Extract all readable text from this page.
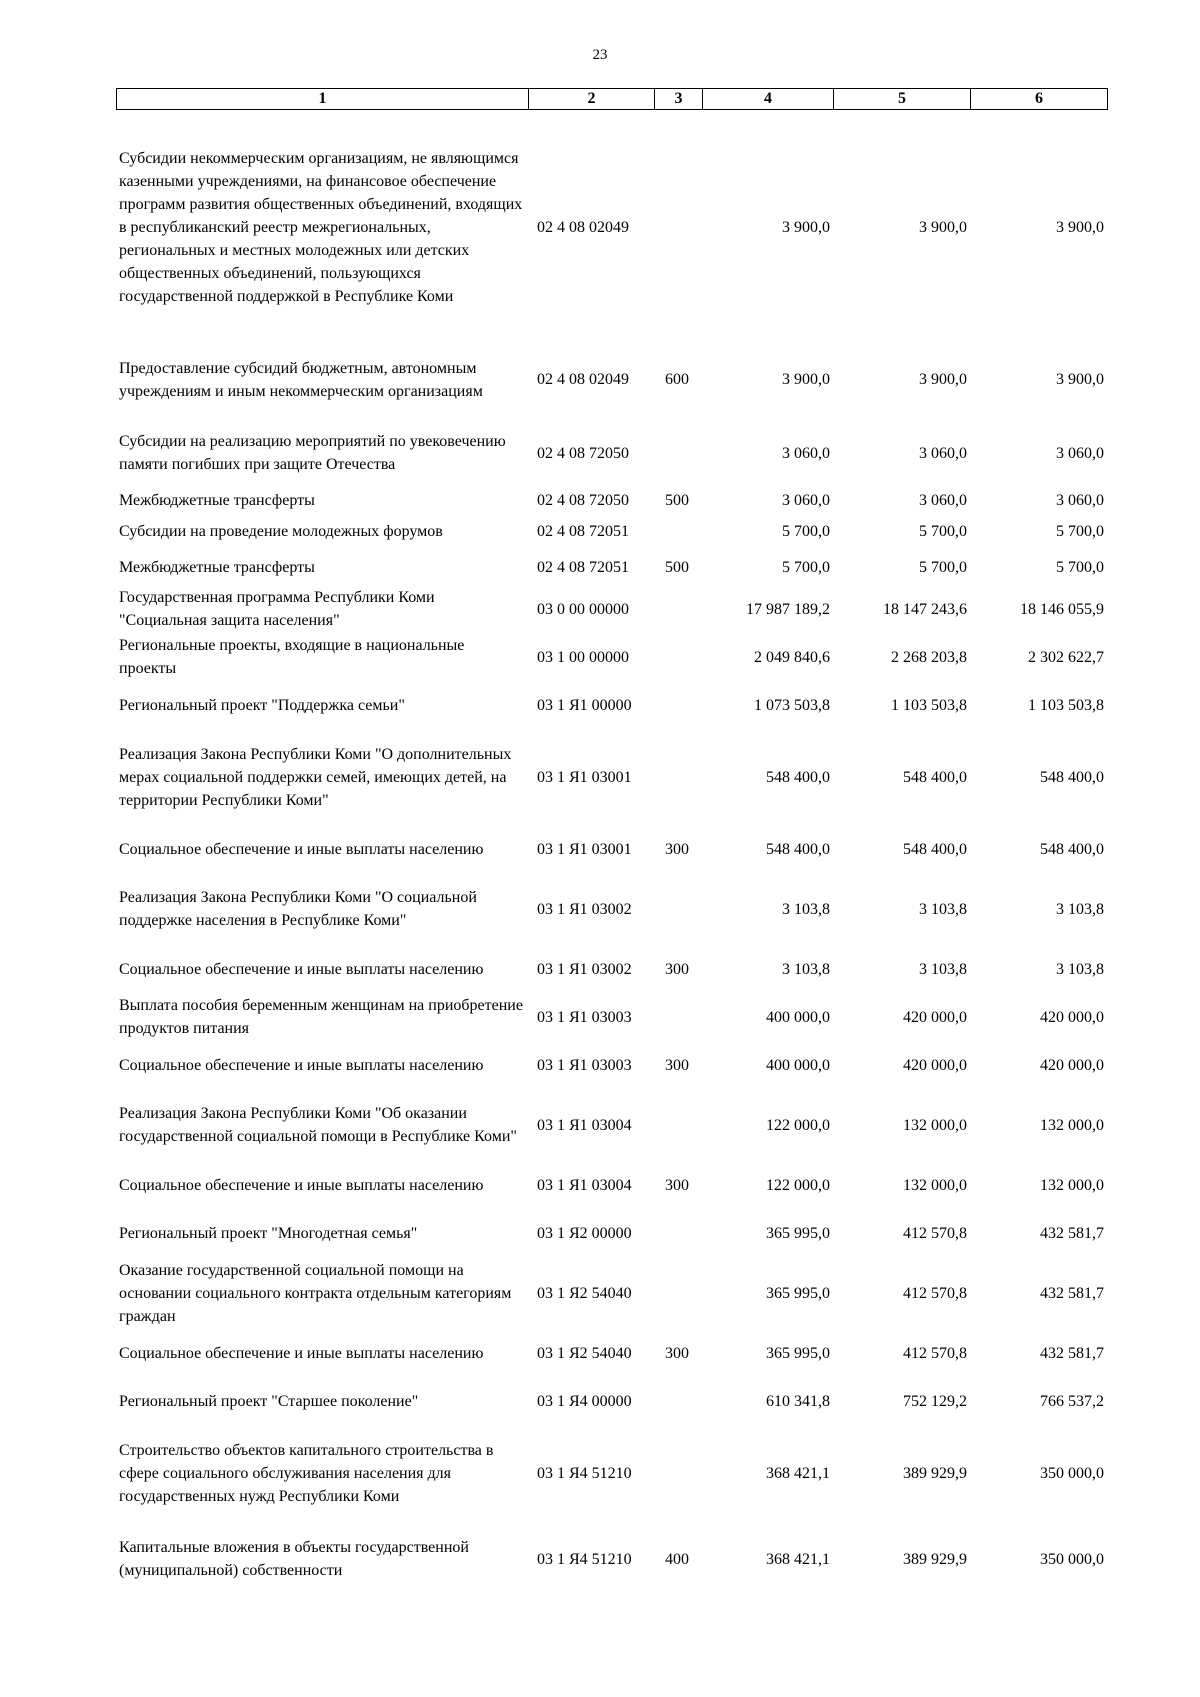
23
1	2	3	4	5	6
Субсидии некоммерческим организациям, не являющимся казенными учреждениями, на финансовое обеспечение программ развития общественных объединений, входящих в республиканский реестр межрегиональных, региональных и местных молодежных или детских общественных объединений, пользующихся государственной поддержкой в Республике Коми	02 4 08 02049		3 900,0	3 900,0	3 900,0
Предоставление субсидий бюджетным, автономным учреждениям и иным некоммерческим организациям	02 4 08 02049	600	3 900,0	3 900,0	3 900,0
Субсидии на реализацию мероприятий по увековечению памяти погибших при защите Отечества	02 4 08 72050		3 060,0	3 060,0	3 060,0
Межбюджетные трансферты	02 4 08 72050	500	3 060,0	3 060,0	3 060,0
Субсидии на проведение молодежных форумов	02 4 08 72051		5 700,0	5 700,0	5 700,0
Межбюджетные трансферты	02 4 08 72051	500	5 700,0	5 700,0	5 700,0
Государственная программа Республики Коми "Социальная защита населения"	03 0 00 00000		17 987 189,2	18 147 243,6	18 146 055,9
Региональные проекты, входящие в национальные проекты	03 1 00 00000		2 049 840,6	2 268 203,8	2 302 622,7
Региональный проект "Поддержка семьи"	03 1 Я1 00000		1 073 503,8	1 103 503,8	1 103 503,8
Реализация Закона Республики Коми "О дополнительных мерах социальной поддержки семей, имеющих детей, на территории Республики Коми"	03 1 Я1 03001		548 400,0	548 400,0	548 400,0
Социальное обеспечение и иные выплаты населению	03 1 Я1 03001	300	548 400,0	548 400,0	548 400,0
Реализация Закона Республики Коми "О социальной поддержке населения в Республике Коми"	03 1 Я1 03002		3 103,8	3 103,8	3 103,8
Социальное обеспечение и иные выплаты населению	03 1 Я1 03002	300	3 103,8	3 103,8	3 103,8
Выплата пособия беременным женщинам на приобретение продуктов питания	03 1 Я1 03003		400 000,0	420 000,0	420 000,0
Социальное обеспечение и иные выплаты населению	03 1 Я1 03003	300	400 000,0	420 000,0	420 000,0
Реализация Закона Республики Коми "Об оказании государственной социальной помощи в Республике Коми"	03 1 Я1 03004		122 000,0	132 000,0	132 000,0
Социальное обеспечение и иные выплаты населению	03 1 Я1 03004	300	122 000,0	132 000,0	132 000,0
Региональный проект "Многодетная семья"	03 1 Я2 00000		365 995,0	412 570,8	432 581,7
Оказание государственной социальной помощи на основании социального контракта отдельным категориям граждан	03 1 Я2 54040		365 995,0	412 570,8	432 581,7
Социальное обеспечение и иные выплаты населению	03 1 Я2 54040	300	365 995,0	412 570,8	432 581,7
Региональный проект "Старшее поколение"	03 1 Я4 00000		610 341,8	752 129,2	766 537,2
Строительство объектов капитального строительства в сфере социального обслуживания населения для государственных нужд Республики Коми	03 1 Я4 51210		368 421,1	389 929,9	350 000,0
Капитальные вложения в объекты государственной (муниципальной) собственности	03 1 Я4 51210	400	368 421,1	389 929,9	350 000,0
